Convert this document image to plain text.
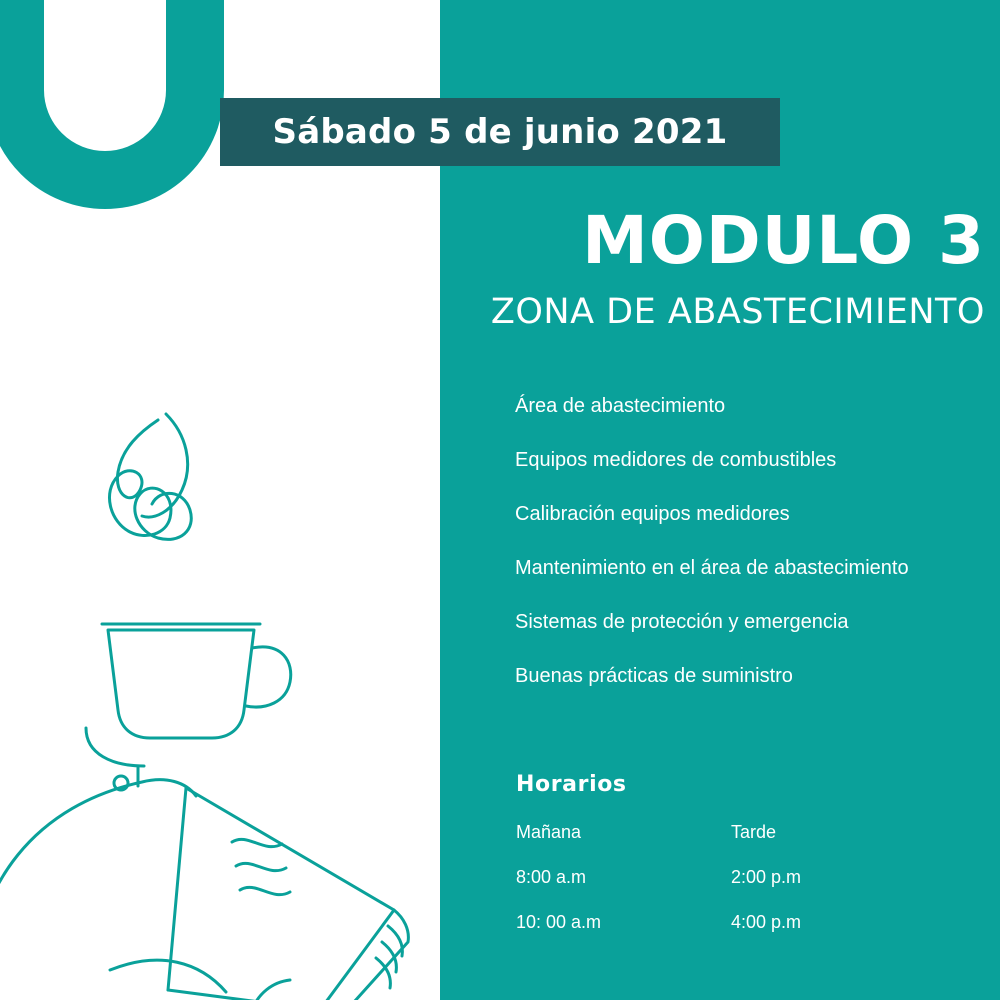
Sábado 5 de junio 2021
MODULO 3
ZONA DE ABASTECIMIENTO
Área de abastecimiento
Equipos medidores de combustibles
Calibración equipos medidores
Mantenimiento en el área de abastecimiento
Sistemas de protección y emergencia
Buenas prácticas de suministro
Horarios
Mañana	Tarde
8:00 a.m	2:00 p.m
10: 00 a.m	4:00 p.m
